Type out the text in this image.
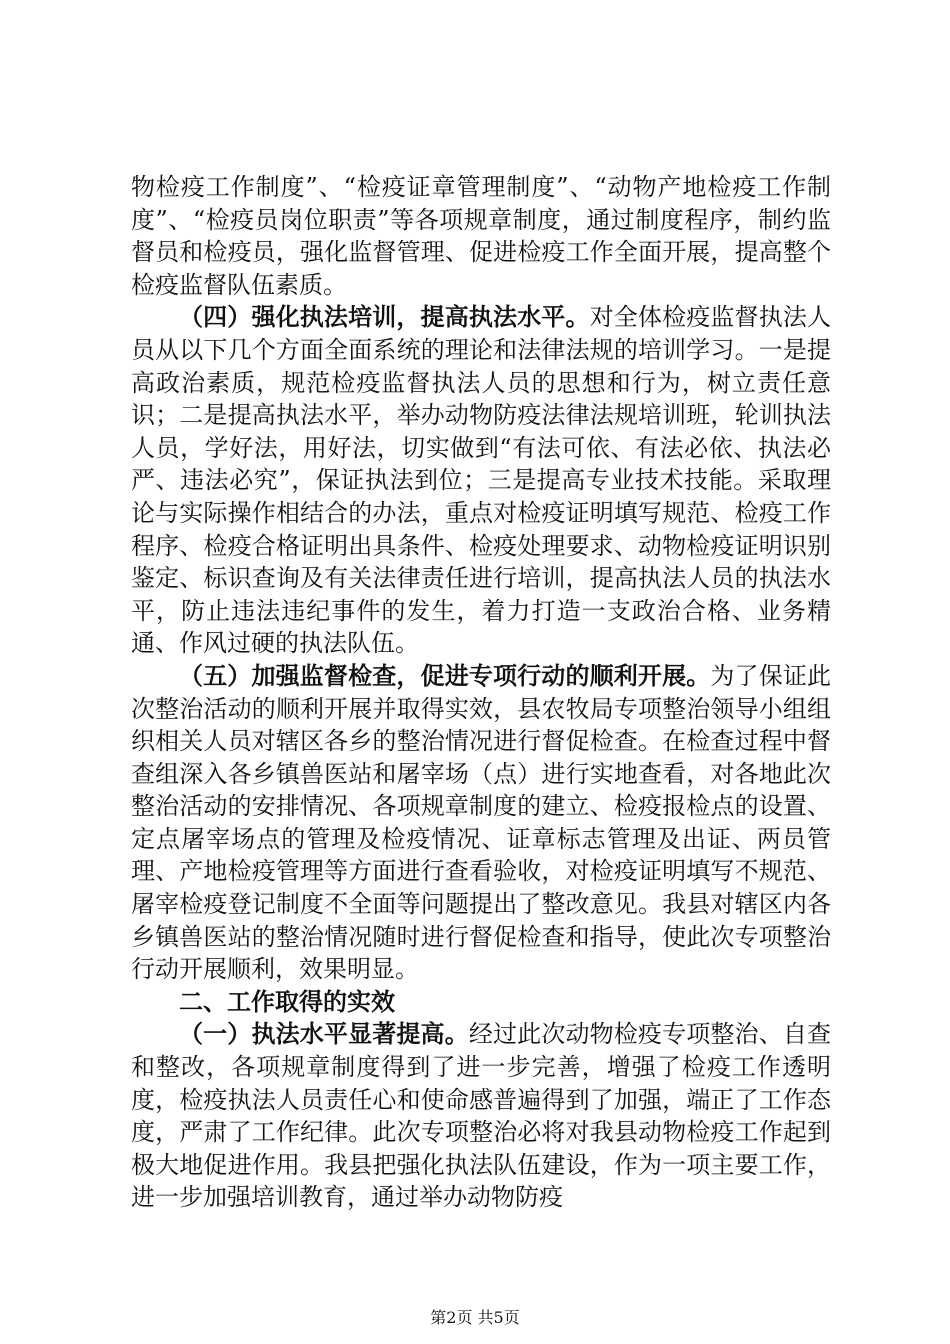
物检疫工作制度”、“检疫证章管理制度”、“动物产地检疫工作制度”、“检疫员岗位职责”等各项规章制度，通过制度程序，制约监督员和检疫员，强化监督管理、促进检疫工作全面开展，提高整个检疫监督队伍素质。

（四）强化执法培训，提高执法水平。对全体检疫监督执法人员从以下几个方面全面系统的理论和法律法规的培训学习。一是提高政治素质，规范检疫监督执法人员的思想和行为，树立责任意识；二是提高执法水平，举办动物防疫法律法规培训班，轮训执法人员，学好法，用好法，切实做到“有法可依、有法必依、执法必严、违法必究”，保证执法到位；三是提高专业技术技能。采取理论与实际操作相结合的办法，重点对检疫证明填写规范、检疫工作程序、检疫合格证明出具条件、检疫处理要求、动物检疫证明识别鉴定、标识查询及有关法律责任进行培训，提高执法人员的执法水平，防止违法违纪事件的发生，着力打造一支政治合格、业务精通、作风过硬的执法队伍。

（五）加强监督检查，促进专项行动的顺利开展。为了保证此次整治活动的顺利开展并取得实效，县农牧局专项整治领导小组组织相关人员对辖区各乡的整治情况进行督促检查。在检查过程中督查组深入各乡镇兽医站和屠宰场（点）进行实地查看，对各地此次整治活动的安排情况、各项规章制度的建立、检疫报检点的设置、定点屠宰场点的管理及检疫情况、证章标志管理及出证、两员管理、产地检疫管理等方面进行查看验收，对检疫证明填写不规范、屠宰检疫登记制度不全面等问题提出了整改意见。我县对辖区内各乡镇兽医站的整治情况随时进行督促检查和指导，使此次专项整治行动开展顺利，效果明显。

二、工作取得的实效

（一）执法水平显著提高。经过此次动物检疫专项整治、自查和整改，各项规章制度得到了进一步完善，增强了检疫工作透明度，检疫执法人员责任心和使命感普遍得到了加强，端正了工作态度，严肃了工作纪律。此次专项整治必将对我县动物检疫工作起到极大地促进作用。我县把强化执法队伍建设，作为一项主要工作，进一步加强培训教育，通过举办动物防疫

第2页 共5页
